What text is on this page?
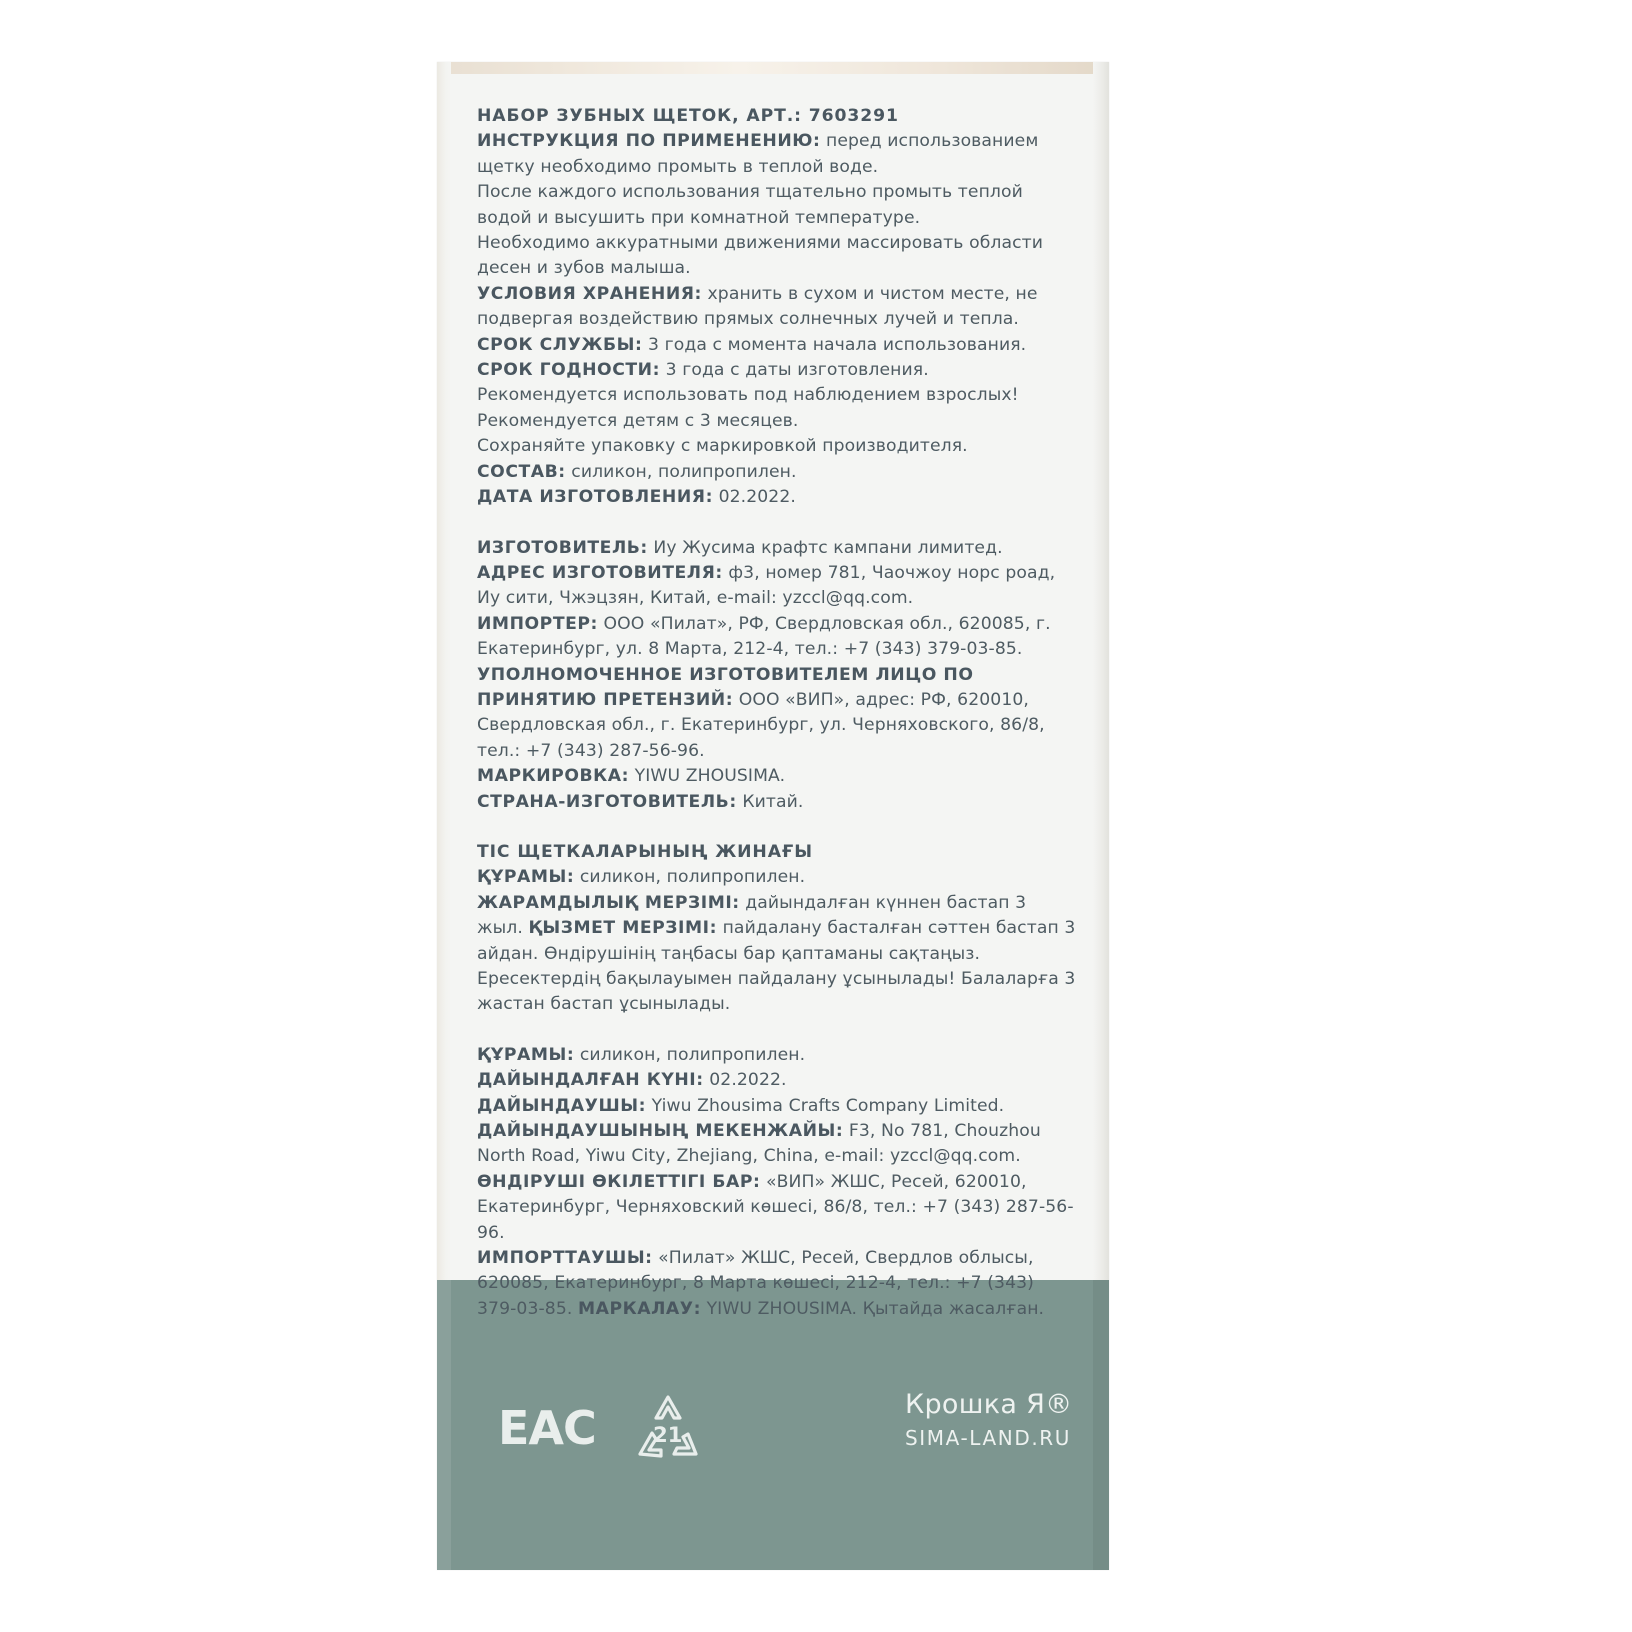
НАБОР ЗУБНЫХ ЩЕТОК, АРТ.: 7603291
ИНСТРУКЦИЯ ПО ПРИМЕНЕНИЮ: перед использованием щетку необходимо промыть в теплой воде.
После каждого использования тщательно промыть теплой водой и высушить при комнатной температуре.
Необходимо аккуратными движениями массировать области десен и зубов малыша.
УСЛОВИЯ ХРАНЕНИЯ: хранить в сухом и чистом месте, не подвергая воздействию прямых солнечных лучей и тепла.
СРОК СЛУЖБЫ: 3 года с момента начала использования.
СРОК ГОДНОСТИ: 3 года с даты изготовления.
Рекомендуется использовать под наблюдением взрослых!
Рекомендуется детям с 3 месяцев.
Сохраняйте упаковку с маркировкой производителя.
СОСТАВ: силикон, полипропилен.
ДАТА ИЗГОТОВЛЕНИЯ: 02.2022.
ИЗГОТОВИТЕЛЬ: Иу Жусима крафтс кампани лимитед.
АДРЕС ИЗГОТОВИТЕЛЯ: ф3, номер 781, Чаочжоу норс роад, Иу сити, Чжэцзян, Китай, e-mail: yzccl@qq.com.
ИМПОРТЕР: ООО «Пилат», РФ, Свердловская обл., 620085, г. Екатеринбург, ул. 8 Марта, 212-4, тел.: +7 (343) 379-03-85.
УПОЛНОМОЧЕННОЕ ИЗГОТОВИТЕЛЕМ ЛИЦО ПО ПРИНЯТИЮ ПРЕТЕНЗИЙ: ООО «ВИП», адрес: РФ, 620010, Свердловская обл., г. Екатеринбург, ул. Черняховского, 86/8, тел.: +7 (343) 287-56-96.
МАРКИРОВКА: YIWU ZHOUSIMA.
СТРАНА-ИЗГОТОВИТЕЛЬ: Китай.
ТІС ЩЕТКАЛАРЫНЫҢ ЖИНАҒЫ
ҚҰРАМЫ: силикон, полипропилен.
ЖАРАМДЫЛЫҚ МЕРЗІМІ: дайындалған күннен бастап 3 жыл. ҚЫЗМЕТ МЕРЗІМІ: пайдалану басталған сәттен бастап 3 айдан. Өндірушінің таңбасы бар қаптаманы сақтаңыз. Ересектердің бақылауымен пайдалану ұсынылады! Балаларға 3 жастан бастап ұсынылады.
ҚҰРАМЫ: силикон, полипропилен.
ДАЙЫНДАЛҒАН КҮНІ: 02.2022.
ДАЙЫНДАУШЫ: Yiwu Zhousima Crafts Company Limited.
ДАЙЫНДАУШЫНЫҢ МЕКЕНЖАЙЫ: F3, No 781, Chouzhou North Road, Yiwu City, Zhejiang, China, e-mail: yzccl@qq.com.
ӨНДІРУШІ ӨКІЛЕТТІГІ БАР: «ВИП» ЖШС, Ресей, 620010, Екатеринбург, Черняховский көшесі, 86/8, тел.: +7 (343) 287-56-96.
ИМПОРТТАУШЫ: «Пилат» ЖШС, Ресей, Свердлов облысы, 620085, Екатеринбург, 8 Марта көшесі, 212-4, тел.: +7 (343) 379-03-85. МАРКАЛАУ: YIWU ZHOUSIMA. Қытайда жасалған.
EAC	21
Крошка Я®
SIMA-LAND.RU
